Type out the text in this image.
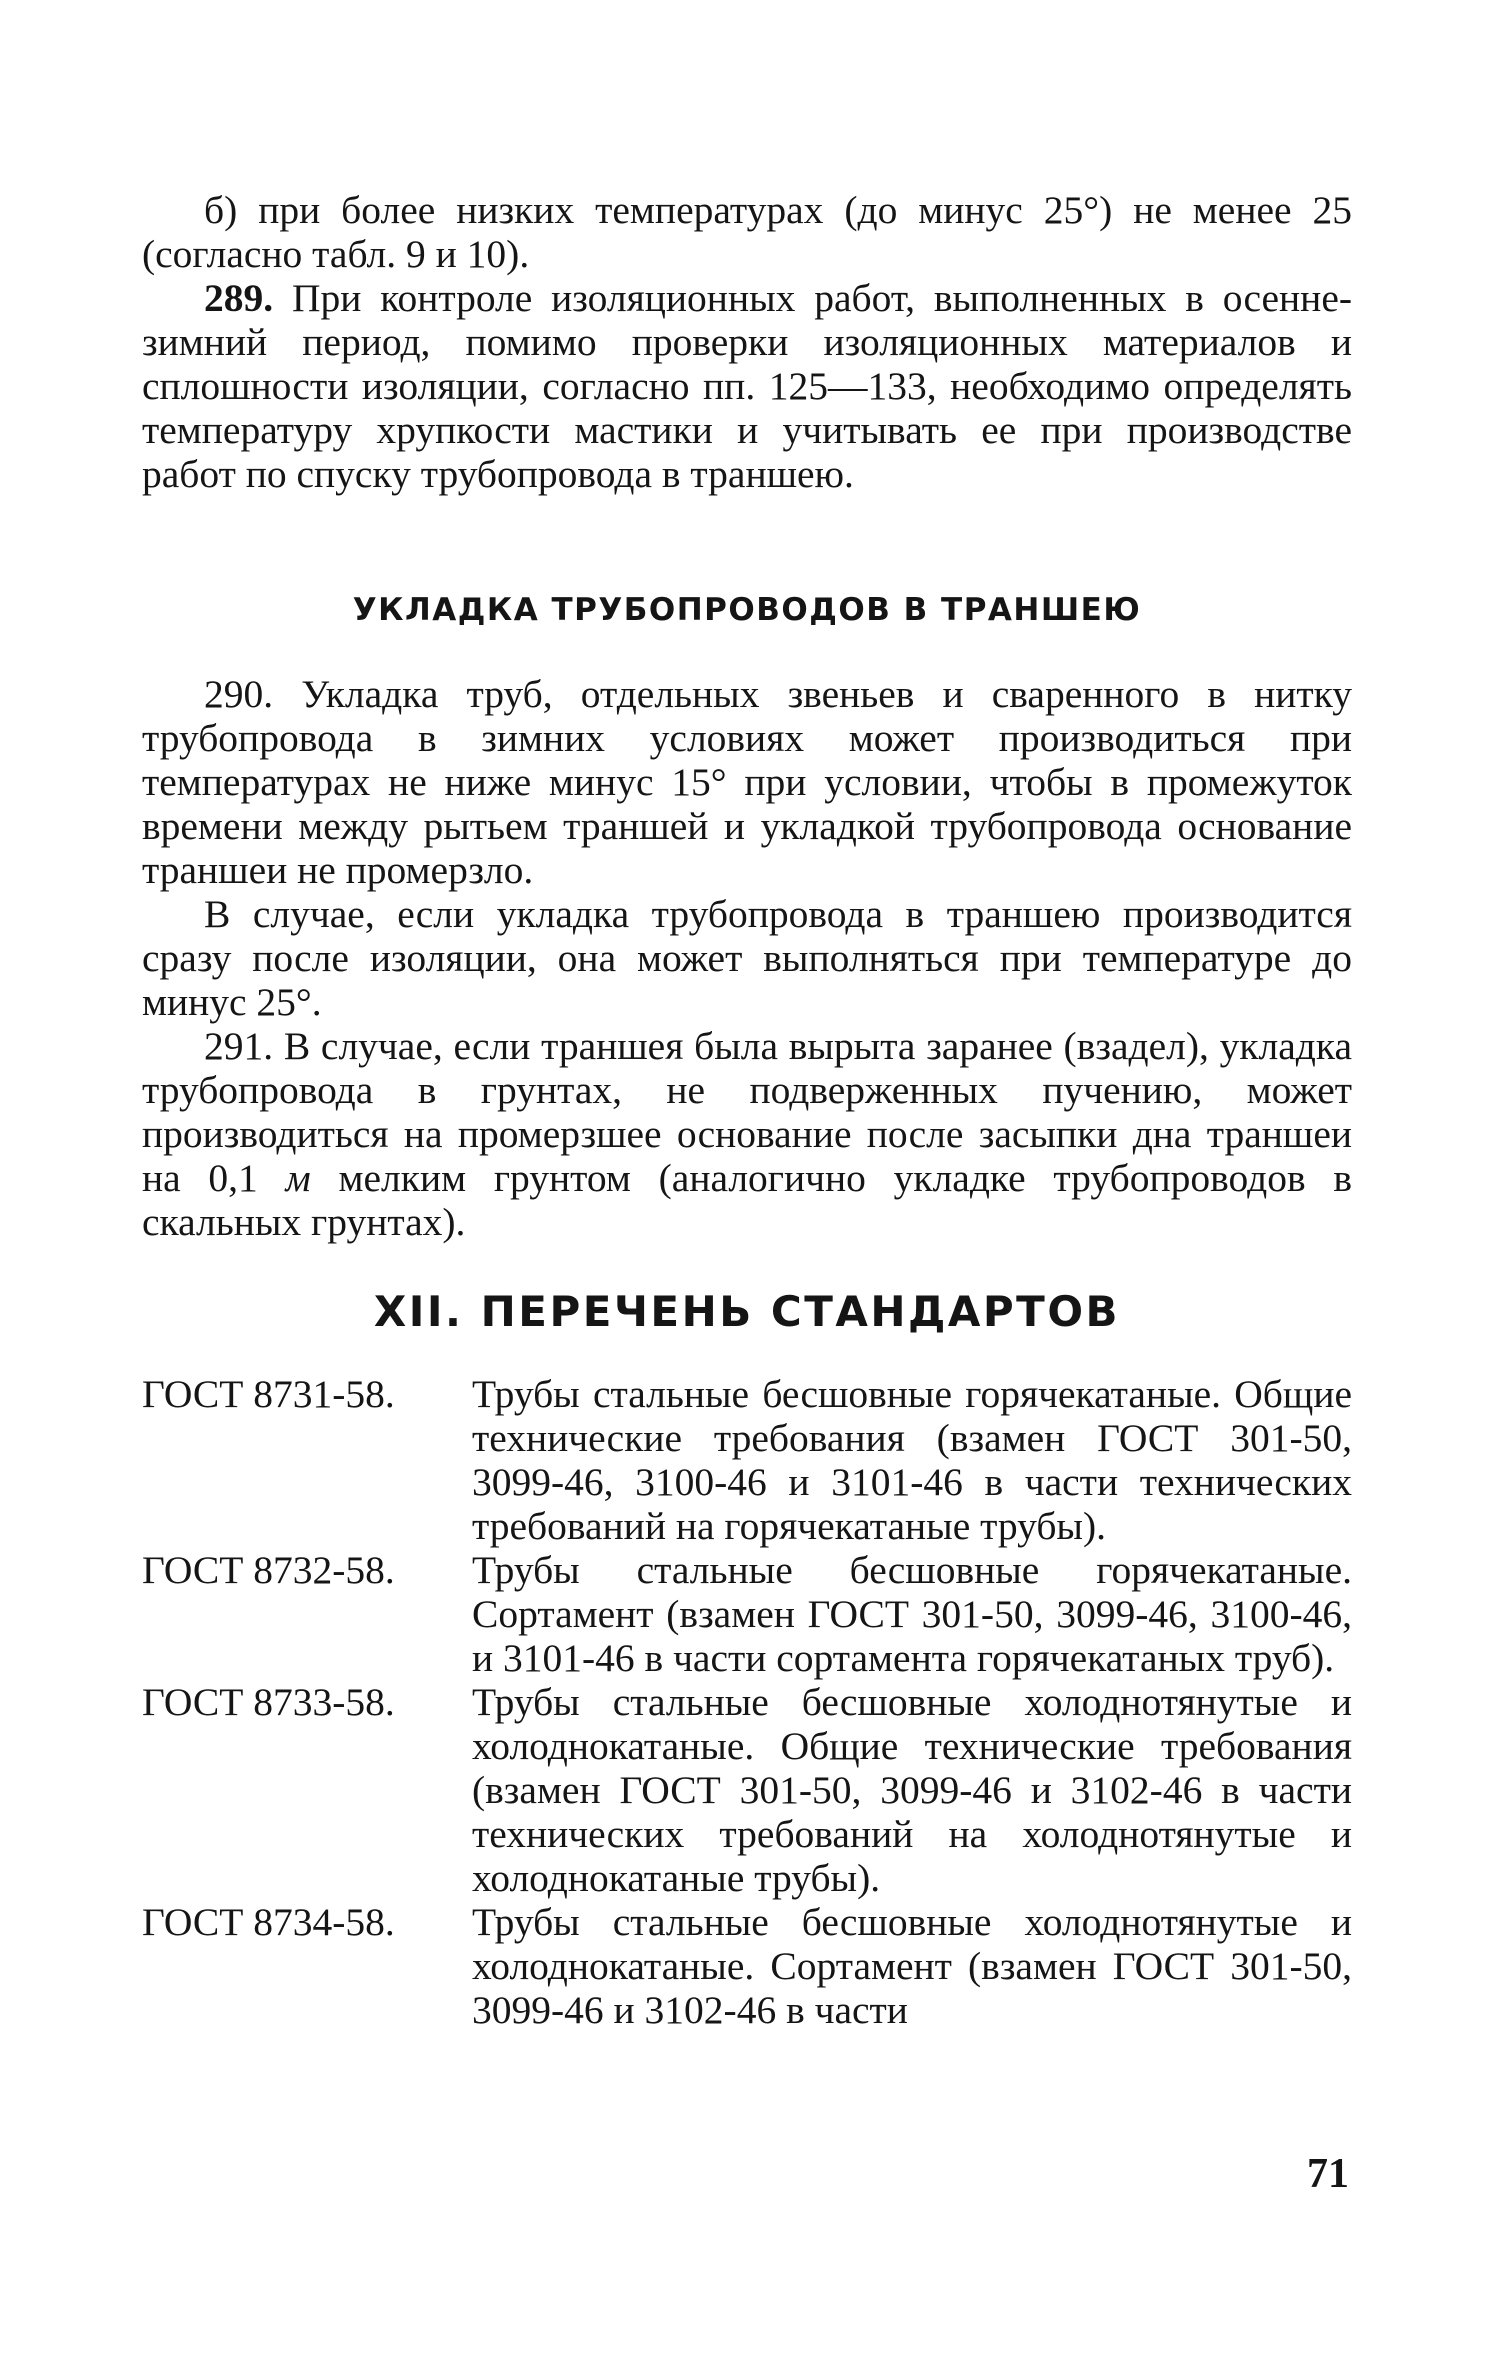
б) при более низких температурах (до минус 25°) не менее 25 (согласно табл. 9 и 10).

289. При контроле изоляционных работ, выполненных в осенне-зимний период, помимо проверки изоляционных материалов и сплошности изоляции, согласно пп. 125—133, необходимо определять температуру хрупкости мастики и учитывать ее при производстве работ по спуску трубопровода в траншею.

УКЛАДКА ТРУБОПРОВОДОВ В ТРАНШЕЮ

290. Укладка труб, отдельных звеньев и сваренного в нитку трубопровода в зимних условиях может производиться при температурах не ниже минус 15° при условии, чтобы в промежуток времени между рытьем траншей и укладкой трубопровода основание траншеи не промерзло.

В случае, если укладка трубопровода в траншею производится сразу после изоляции, она может выполняться при температуре до минус 25°.

291. В случае, если траншея была вырыта заранее (взадел), укладка трубопровода в грунтах, не подверженных пучению, может производиться на промерзшее основание после засыпки дна траншеи на 0,1 м мелким грунтом (аналогично укладке трубопроводов в скальных грунтах).

XII. ПЕРЕЧЕНЬ СТАНДАРТОВ
ГОСТ 8731-58.	Трубы стальные бесшовные горячекатаные. Общие технические требования (взамен ГОСТ 301-50, 3099-46, 3100-46 и 3101-46 в части технических требований на горячекатаные трубы).
ГОСТ 8732-58.	Трубы стальные бесшовные горячекатаные. Сортамент (взамен ГОСТ 301-50, 3099-46, 3100-46, и 3101-46 в части сортамента горячекатаных труб).
ГОСТ 8733-58.	Трубы стальные бесшовные холоднотянутые и холоднокатаные. Общие технические требования (взамен ГОСТ 301-50, 3099-46 и 3102-46 в части технических требований на холоднотянутые и холоднокатаные трубы).
ГОСТ 8734-58.	Трубы стальные бесшовные холоднотянутые и холоднокатаные. Сортамент (взамен ГОСТ 301-50, 3099-46 и 3102-46 в части
71
